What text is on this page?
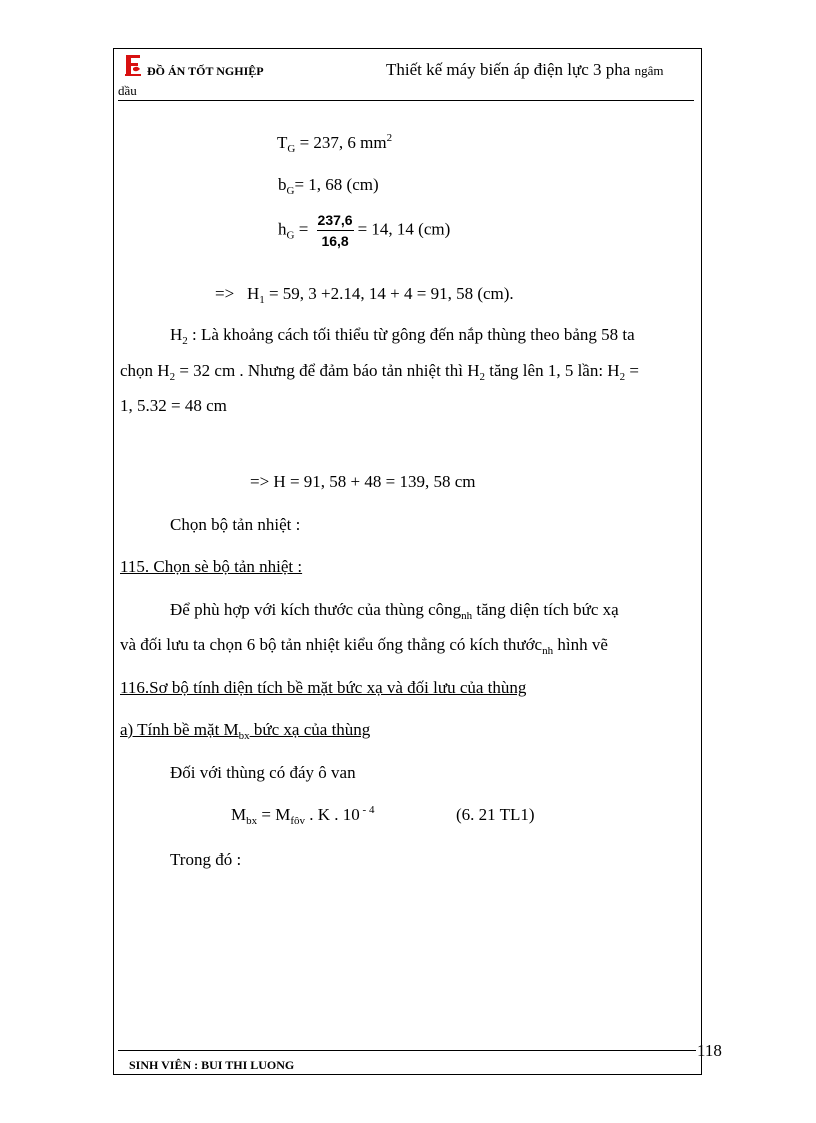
ĐỒ ÁN TỐT NGHIỆP	Thiết kế máy biến áp điện lực 3 pha ngâm
dầu
$T_G = 237$, 6 $mm^2$
$b_G= 1$, 68 (cm)
$h_G = \frac{237,6}{16,8} = 14$, 14 (cm)
=> $H_1 = 59$, 3 +2.14, 14 + 4 = 91, 58 (cm).
$H_2$ : Là khoảng cách tối thiểu từ gông đến nắp thùng theo bảng 58 ta
chọn $H_2 = 32$ cm . Nhưng để đảm báo tản nhiệt thì $H_2$ tăng lên 1, 5 lần: $H_2$ =
1, 5.32 = 48 cm
=> H = 91, 58 + 48 = 139, 58 cm
Chọn bộ tản nhiệt :
115. Chọn sè bộ tản nhiệt :
Để phù hợp với kích thước của thùng công$_{nh}$ tăng diện tích bức xạ
và đối lưu ta chọn 6 bộ tản nhiệt kiểu ống thẳng có kích thước$_{nh}$ hình vẽ
116.Sơ bộ tính diện tích bề mặt bức xạ và đối lưu của thùng
a) Tính bề mặt $M_{bx}$ bức xạ của thùng
Đối với thùng có đáy ô van
$M_{bx} = M_{fôv}$ . K . 10 $^{- 4}$	(6. 21 TL1)
Trong đó :
118
SINH VIÊN : BUI THI LUONG
